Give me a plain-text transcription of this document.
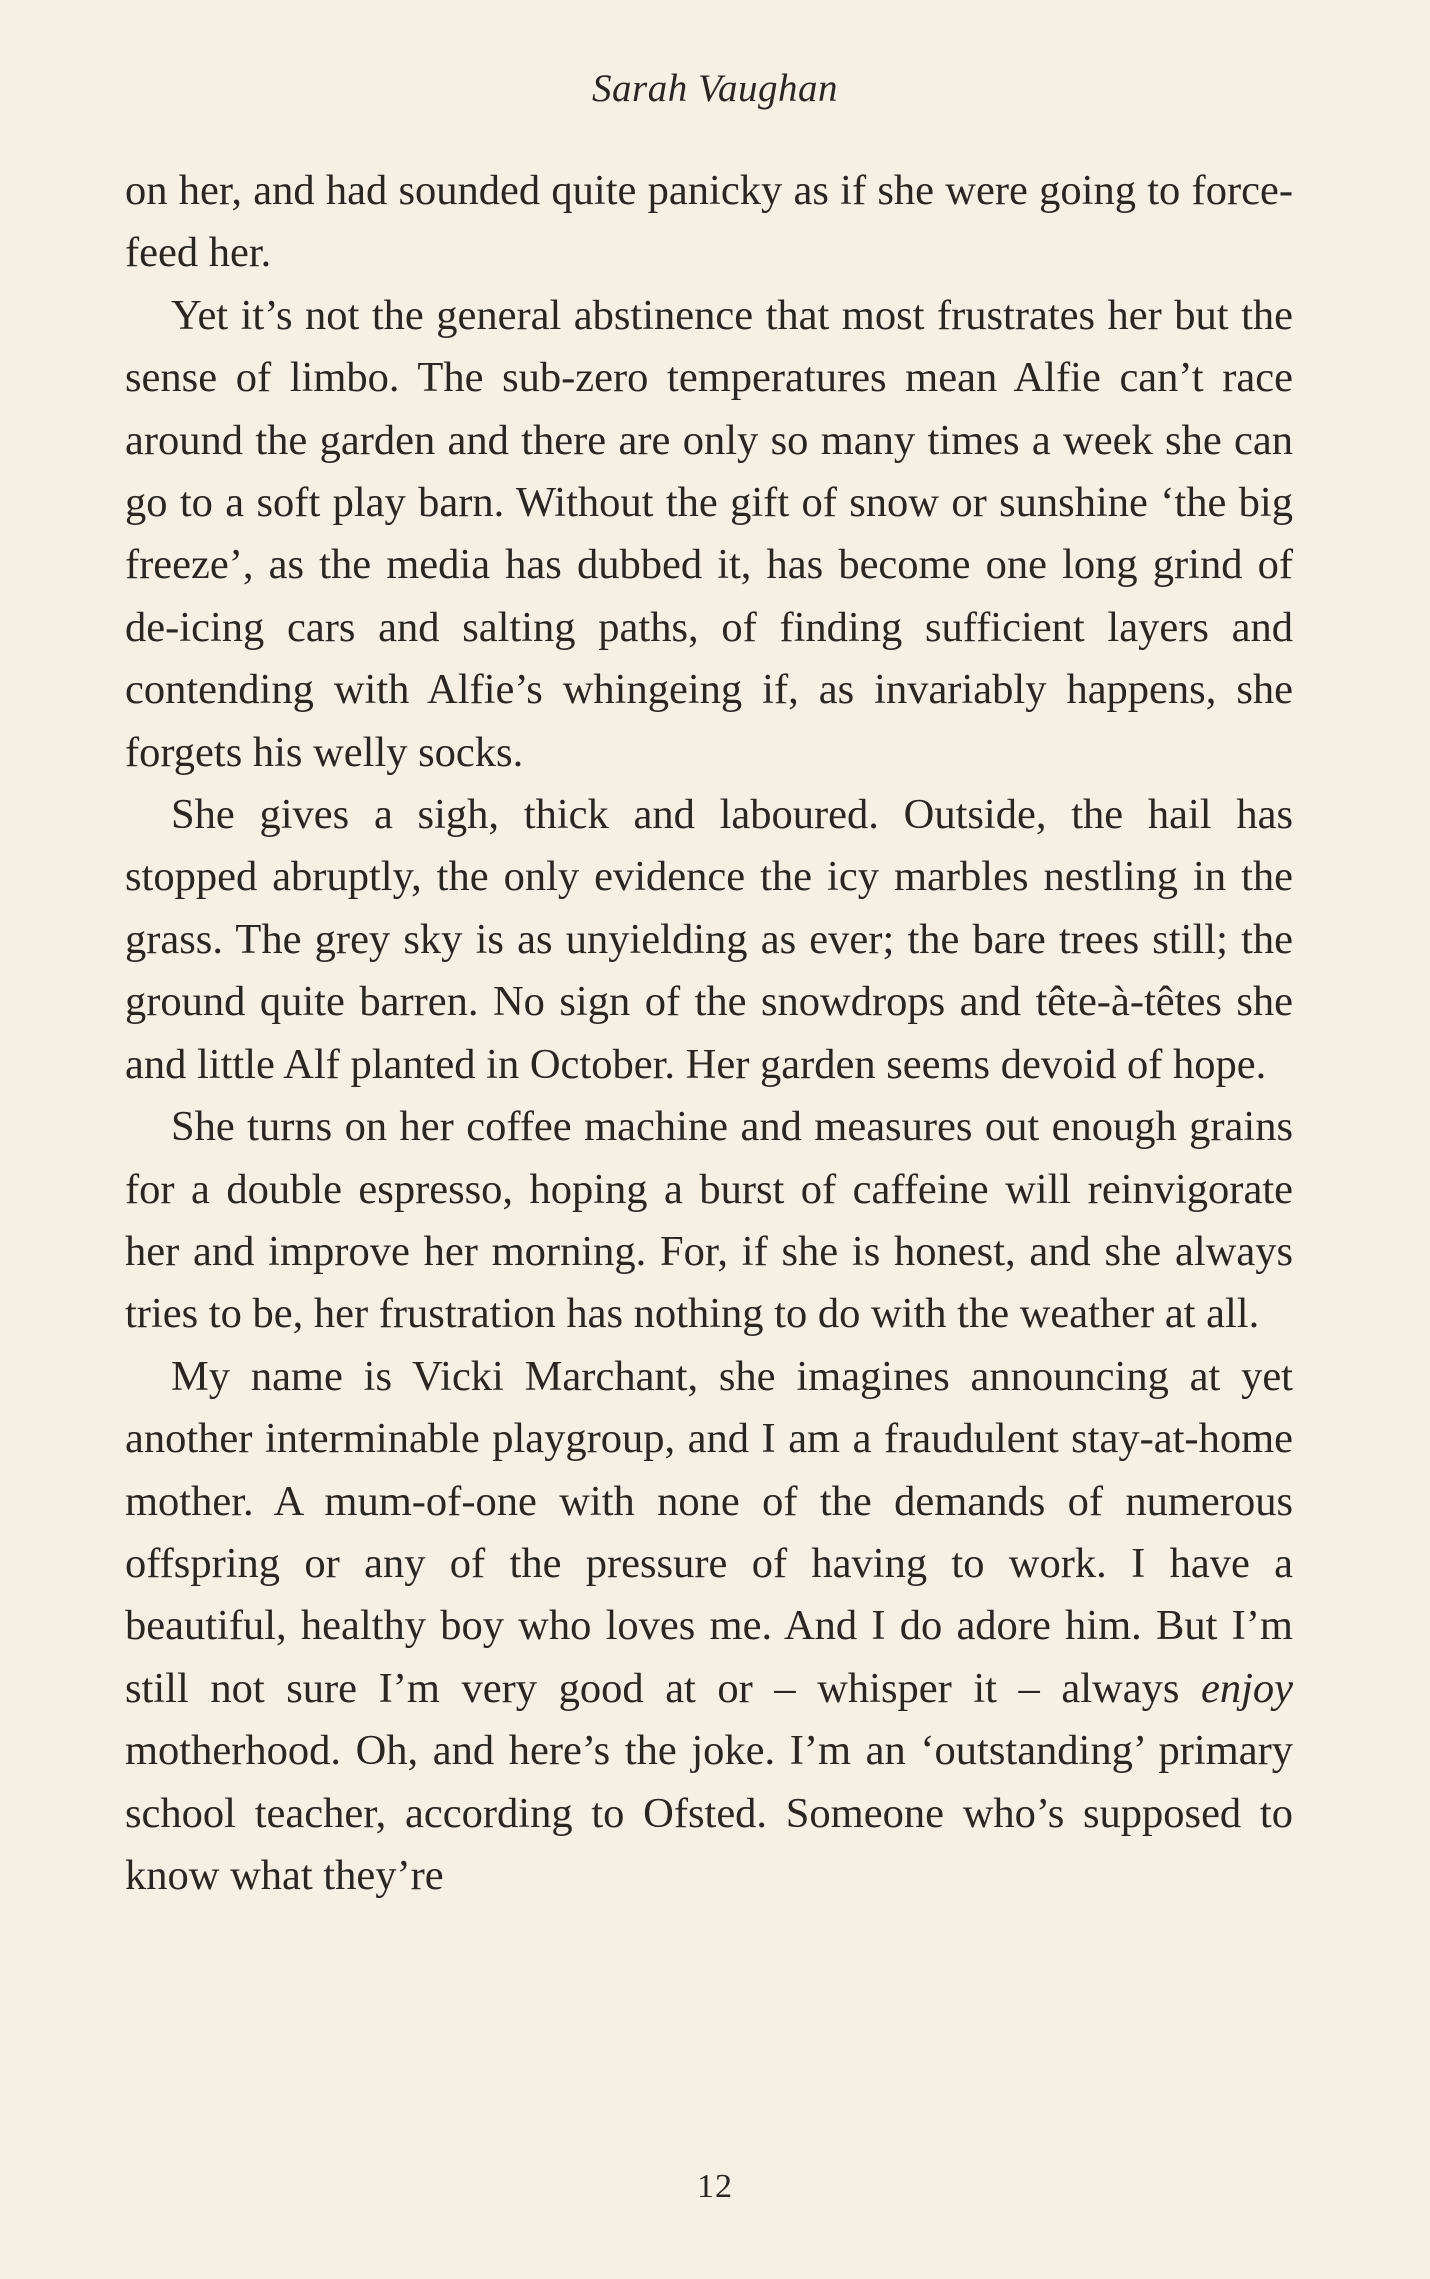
Sarah Vaughan

on her, and had sounded quite panicky as if she were going to force-feed her.

Yet it’s not the general abstinence that most frustrates her but the sense of limbo. The sub-zero temperatures mean Alfie can’t race around the garden and there are only so many times a week she can go to a soft play barn. Without the gift of snow or sunshine ‘the big freeze’, as the media has dubbed it, has become one long grind of de-icing cars and salting paths, of finding sufficient layers and contending with Alfie’s whingeing if, as invariably happens, she forgets his welly socks.

She gives a sigh, thick and laboured. Outside, the hail has stopped abruptly, the only evidence the icy marbles nestling in the grass. The grey sky is as unyielding as ever; the bare trees still; the ground quite barren. No sign of the snowdrops and tête-à-têtes she and little Alf planted in October. Her garden seems devoid of hope.

She turns on her coffee machine and measures out enough grains for a double espresso, hoping a burst of caffeine will reinvigorate her and improve her morning. For, if she is honest, and she always tries to be, her frustration has nothing to do with the weather at all.

My name is Vicki Marchant, she imagines announcing at yet another interminable playgroup, and I am a fraudulent stay-at-home mother. A mum-of-one with none of the demands of numerous offspring or any of the pressure of having to work. I have a beautiful, healthy boy who loves me. And I do adore him. But I’m still not sure I’m very good at or – whisper it – always enjoy motherhood. Oh, and here’s the joke. I’m an ‘outstanding’ primary school teacher, according to Ofsted. Someone who’s supposed to know what they’re

12
